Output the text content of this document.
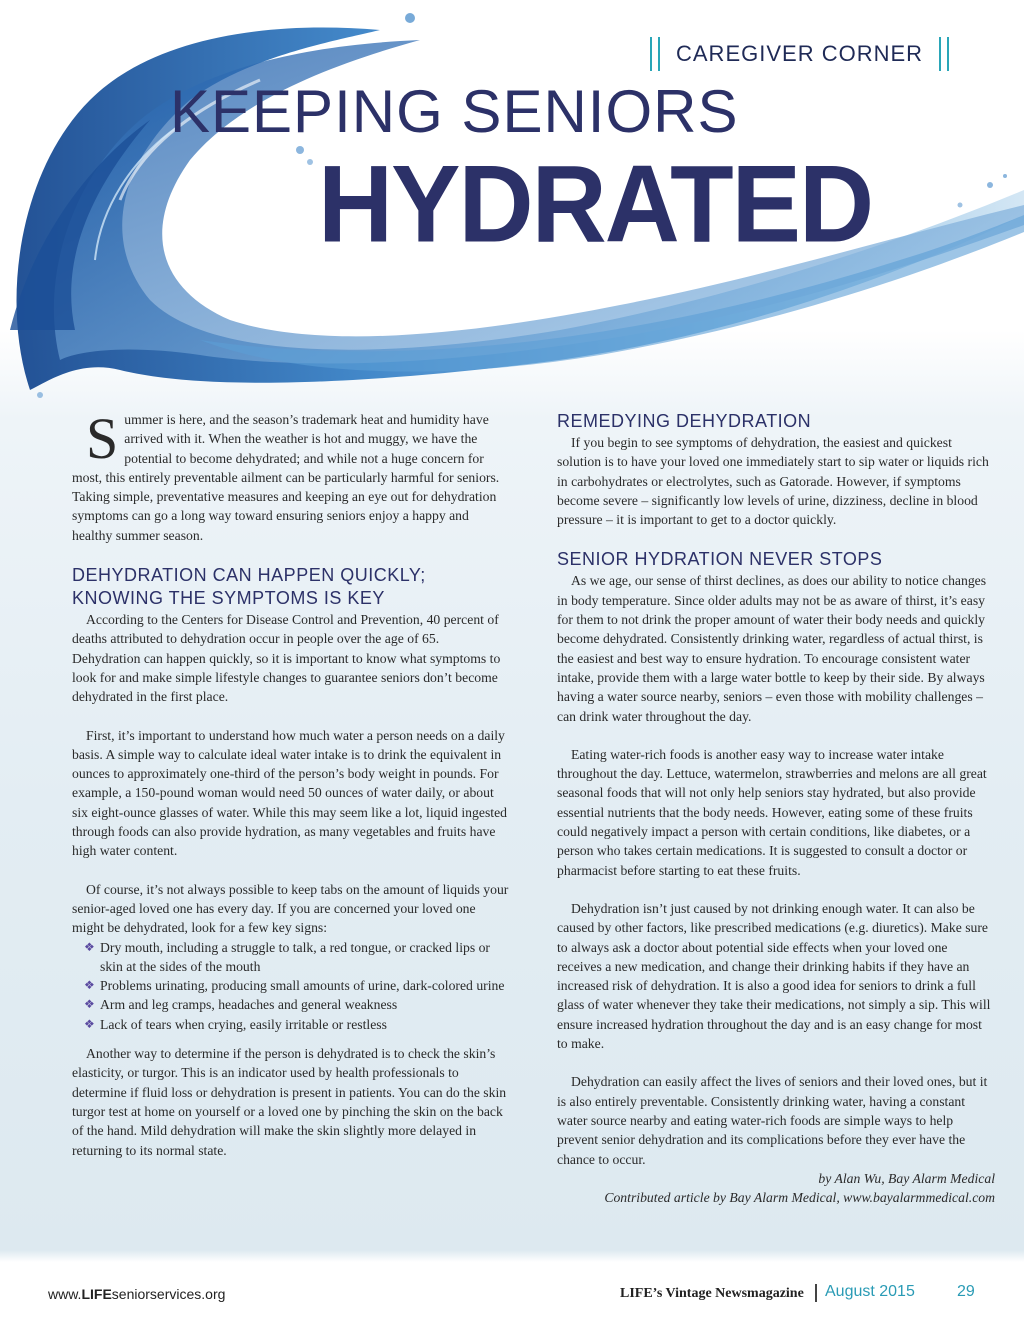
CAREGIVER CORNER
KEEPING SENIORS
HYDRATED

Summer is here, and the season’s trademark heat and humidity have arrived with it. When the weather is hot and muggy, we have the potential to become dehydrated; and while not a huge concern for most, this entirely preventable ailment can be particularly harmful for seniors. Taking simple, preventative measures and keeping an eye out for dehydration symptoms can go a long way toward ensuring seniors enjoy a happy and healthy summer season.

DEHYDRATION CAN HAPPEN QUICKLY; KNOWING THE SYMPTOMS IS KEY

According to the Centers for Disease Control and Prevention, 40 percent of deaths attributed to dehydration occur in people over the age of 65. Dehydration can happen quickly, so it is important to know what symptoms to look for and make simple lifestyle changes to guarantee seniors don’t become dehydrated in the first place.

First, it’s important to understand how much water a person needs on a daily basis. A simple way to calculate ideal water intake is to drink the equivalent in ounces to approximately one-third of the person’s body weight in pounds. For example, a 150-pound woman would need 50 ounces of water daily, or about six eight-ounce glasses of water. While this may seem like a lot, liquid ingested through foods can also provide hydration, as many vegetables and fruits have high water content.

Of course, it’s not always possible to keep tabs on the amount of liquids your senior-aged loved one has every day. If you are concerned your loved one might be dehydrated, look for a few key signs:

❖ Dry mouth, including a struggle to talk, a red tongue, or cracked lips or skin at the sides of the mouth
❖ Problems urinating, producing small amounts of urine, dark-colored urine
❖ Arm and leg cramps, headaches and general weakness
❖ Lack of tears when crying, easily irritable or restless

Another way to determine if the person is dehydrated is to check the skin’s elasticity, or turgor. This is an indicator used by health professionals to determine if fluid loss or dehydration is present in patients. You can do the skin turgor test at home on yourself or a loved one by pinching the skin on the back of the hand. Mild dehydration will make the skin slightly more delayed in returning to its normal state.

REMEDYING DEHYDRATION

If you begin to see symptoms of dehydration, the easiest and quickest solution is to have your loved one immediately start to sip water or liquids rich in carbohydrates or electrolytes, such as Gatorade. However, if symptoms become severe – significantly low levels of urine, dizziness, decline in blood pressure – it is important to get to a doctor quickly.

SENIOR HYDRATION NEVER STOPS

As we age, our sense of thirst declines, as does our ability to notice changes in body temperature. Since older adults may not be as aware of thirst, it’s easy for them to not drink the proper amount of water their body needs and quickly become dehydrated. Consistently drinking water, regardless of actual thirst, is the easiest and best way to ensure hydration. To encourage consistent water intake, provide them with a large water bottle to keep by their side. By always having a water source nearby, seniors – even those with mobility challenges – can drink water throughout the day.

Eating water-rich foods is another easy way to increase water intake throughout the day. Lettuce, watermelon, strawberries and melons are all great seasonal foods that will not only help seniors stay hydrated, but also provide essential nutrients that the body needs. However, eating some of these fruits could negatively impact a person with certain conditions, like diabetes, or a person who takes certain medications. It is suggested to consult a doctor or pharmacist before starting to eat these fruits.

Dehydration isn’t just caused by not drinking enough water. It can also be caused by other factors, like prescribed medications (e.g. diuretics). Make sure to always ask a doctor about potential side effects when your loved one receives a new medication, and change their drinking habits if they have an increased risk of dehydration. It is also a good idea for seniors to drink a full glass of water whenever they take their medications, not simply a sip. This will ensure increased hydration throughout the day and is an easy change for most to make.

Dehydration can easily affect the lives of seniors and their loved ones, but it is also entirely preventable. Consistently drinking water, having a constant water source nearby and eating water-rich foods are simple ways to help prevent senior dehydration and its complications before they ever have the chance to occur.

by Alan Wu, Bay Alarm Medical

Contributed article by Bay Alarm Medical, www.bayalarmmedical.com

www.LIFEseniorservices.org	LIFE’s Vintage Newsmagazine August 2015	29
